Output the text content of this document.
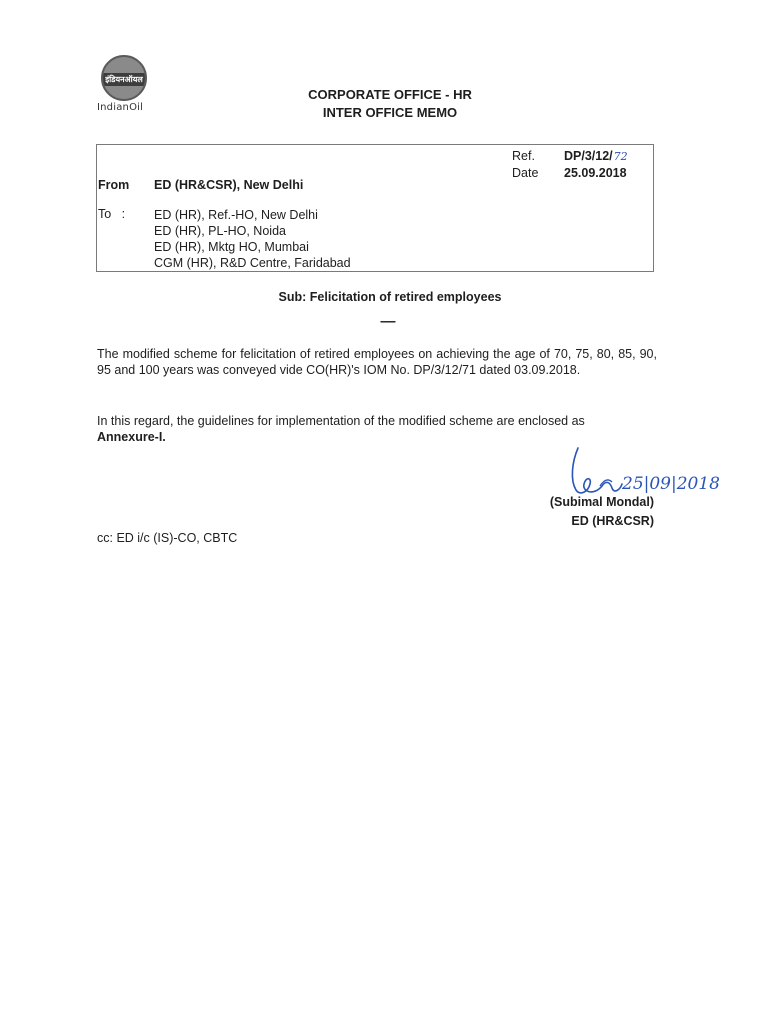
इंडियनऑयल
IndianOil
CORPORATE OFFICE - HR
INTER OFFICE MEMO
Ref.	DP/3/12/72
Date	25.09.2018
From	ED (HR&CSR), New Delhi
To   :	ED (HR), Ref.-HO, New Delhi
ED (HR), PL-HO, Noida
ED (HR), Mktg HO, Mumbai
CGM (HR), R&D Centre, Faridabad
Sub: Felicitation of retired employees
-----
The modified scheme for felicitation of retired employees on achieving the age of 70, 75, 80, 85, 90, 95 and 100 years was conveyed vide CO(HR)'s IOM No. DP/3/12/71 dated 03.09.2018.
In this regard, the guidelines for implementation of the modified scheme are enclosed as
Annexure-I.
25|09|2018
(Subimal Mondal)
ED (HR&CSR)
cc: ED i/c (IS)-CO, CBTC
